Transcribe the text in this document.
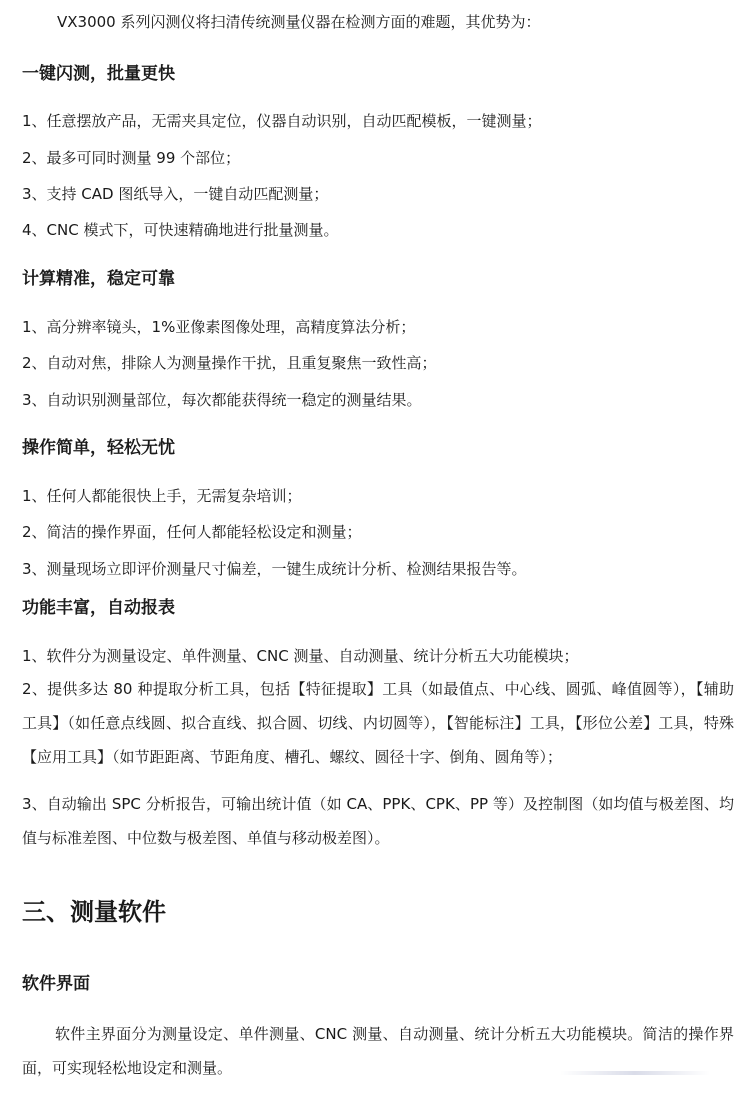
VX3000 系列闪测仪将扫清传统测量仪器在检测方面的难题，其优势为：
一键闪测，批量更快
1、任意摆放产品，无需夹具定位，仪器自动识别，自动匹配模板，一键测量；
2、最多可同时测量 99 个部位；
3、支持 CAD 图纸导入，一键自动匹配测量；
4、CNC 模式下，可快速精确地进行批量测量。
计算精准，稳定可靠
1、高分辨率镜头，1%亚像素图像处理，高精度算法分析；
2、自动对焦，排除人为测量操作干扰，且重复聚焦一致性高；
3、自动识别测量部位，每次都能获得统一稳定的测量结果。
操作简单，轻松无忧
1、任何人都能很快上手，无需复杂培训；
2、简洁的操作界面，任何人都能轻松设定和测量；
3、测量现场立即评价测量尺寸偏差，一键生成统计分析、检测结果报告等。
功能丰富，自动报表
1、软件分为测量设定、单件测量、CNC 测量、自动测量、统计分析五大功能模块；
2、提供多达 80 种提取分析工具，包括【特征提取】工具（如最值点、中心线、圆弧、峰值圆等），【辅助工具】（如任意点线圆、拟合直线、拟合圆、切线、内切圆等），【智能标注】工具，【形位公差】工具，特殊【应用工具】（如节距距离、节距角度、槽孔、螺纹、圆径十字、倒角、圆角等）；
3、自动输出 SPC 分析报告，可输出统计值（如 CA、PPK、CPK、PP 等）及控制图（如均值与极差图、均值与标准差图、中位数与极差图、单值与移动极差图）。
三、测量软件
软件界面
软件主界面分为测量设定、单件测量、CNC 测量、自动测量、统计分析五大功能模块。简洁的操作界面，可实现轻松地设定和测量。
